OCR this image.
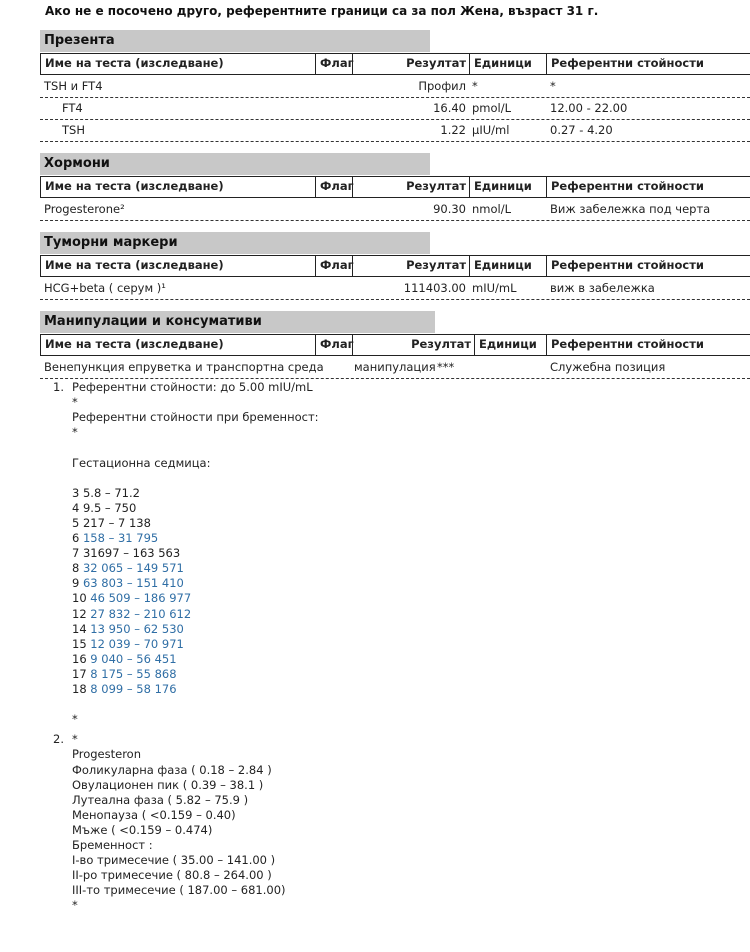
Ако не е посочено друго, референтните граници са за пол Жена, възраст 31 г.
Презента
Име на теста (изследване)	Флаг	Резултат Единици	Референтни стойности
TSH и FT4	Профил *	*
FT4	16.40 pmol/L	12.00 - 22.00
TSH	1.22 µIU/ml	0.27 - 4.20
Хормони
Име на теста (изследване)	Флаг	Резултат Единици	Референтни стойности
Progesterone²	90.30 nmol/L	Виж забележка под черта
Туморни маркери
Име на теста (изследване)	Флаг	Резултат Единици	Референтни стойности
HCG+beta ( серум )¹	111403.00 mIU/mL	виж в забележка
Манипулации и консумативи
Име на теста (изследване)	Флаг	Резултат Единици	Референтни стойности
Венепункция епруветка и транспортна среда	манипулация ***	Служебна позиция
1. Референтни стойности: до 5.00 mIU/mL
*
Референтни стойности при бременност:
*
Гестационна седмица:
3 5.8 – 71.2
4 9.5 – 750
5 217 – 7 138
6 158 – 31 795
7 31697 – 163 563
8 32 065 – 149 571
9 63 803 – 151 410
10 46 509 – 186 977
12 27 832 – 210 612
14 13 950 – 62 530
15 12 039 – 70 971
16 9 040 – 56 451
17 8 175 – 55 868
18 8 099 – 58 176
*
2. *
Progesteron
Фоликуларна фаза ( 0.18 – 2.84 )
Овулационен пик ( 0.39 – 38.1 )
Лутеална фаза ( 5.82 – 75.9 )
Менопауза ( <0.159 – 0.40)
Мъже ( <0.159 – 0.474)
Бременност :
I-во тримесечие ( 35.00 – 141.00 )
II-ро тримесечие ( 80.8 – 264.00 )
III-то тримесечие ( 187.00 – 681.00)
*
